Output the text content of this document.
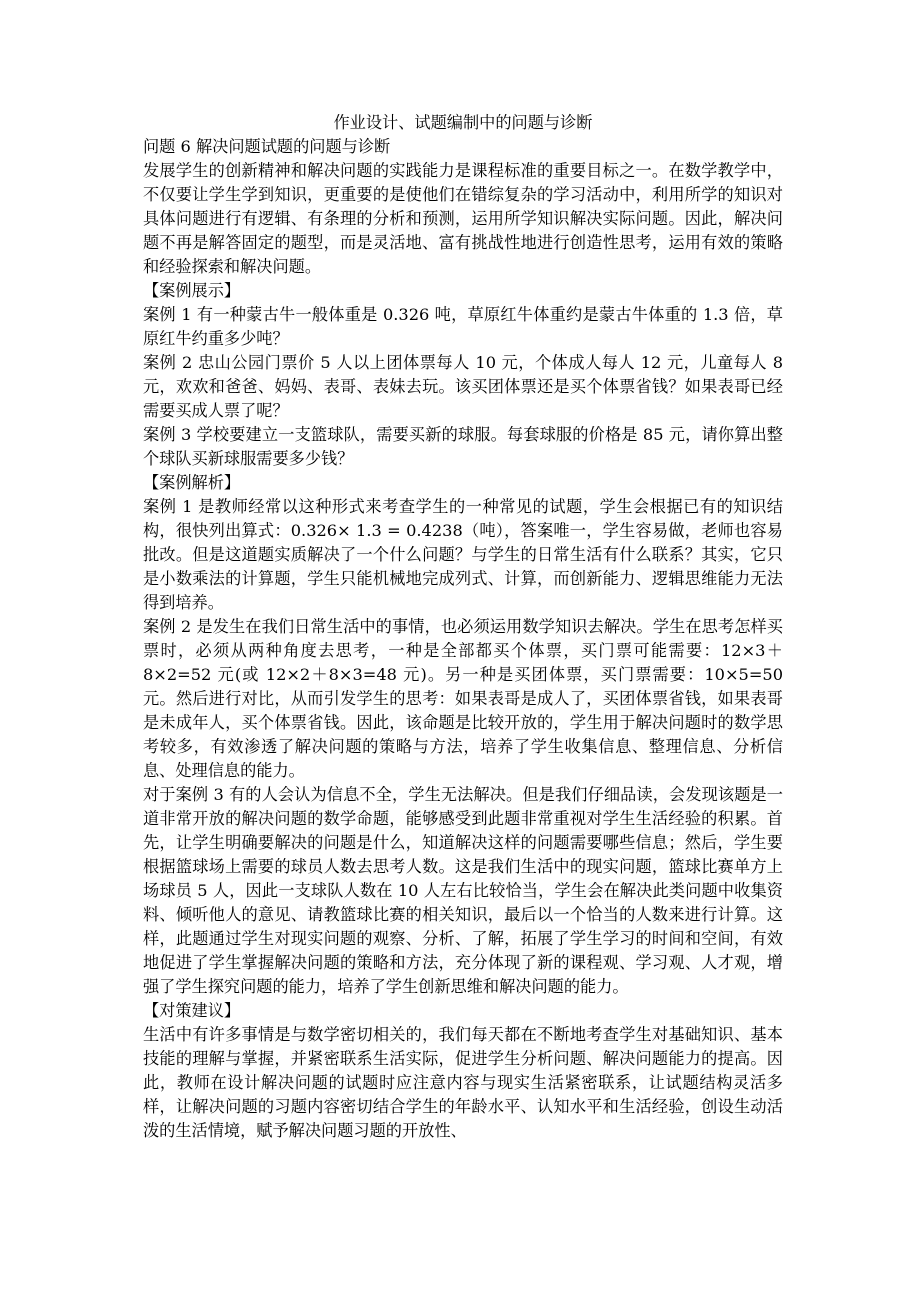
作业设计、试题编制中的问题与诊断

问题 6 解决问题试题的问题与诊断

发展学生的创新精神和解决问题的实践能力是课程标准的重要目标之一。在数学教学中，不仅要让学生学到知识，更重要的是使他们在错综复杂的学习活动中，利用所学的知识对具体问题进行有逻辑、有条理的分析和预测，运用所学知识解决实际问题。因此，解决问题不再是解答固定的题型，而是灵活地、富有挑战性地进行创造性思考，运用有效的策略和经验探索和解决问题。

【案例展示】

案例 1 有一种蒙古牛一般体重是 0.326 吨，草原红牛体重约是蒙古牛体重的 1.3 倍，草原红牛约重多少吨？

案例 2 忠山公园门票价 5 人以上团体票每人 10 元，个体成人每人 12 元，儿童每人 8 元，欢欢和爸爸、妈妈、表哥、表妹去玩。该买团体票还是买个体票省钱？如果表哥已经需要买成人票了呢？

案例 3 学校要建立一支篮球队，需要买新的球服。每套球服的价格是 85 元，请你算出整个球队买新球服需要多少钱？

【案例解析】

案例 1 是教师经常以这种形式来考查学生的一种常见的试题，学生会根据已有的知识结构，很快列出算式：0.326× 1.3 = 0.4238（吨），答案唯一，学生容易做，老师也容易批改。但是这道题实质解决了一个什么问题？与学生的日常生活有什么联系？其实，它只是小数乘法的计算题，学生只能机械地完成列式、计算，而创新能力、逻辑思维能力无法得到培养。

案例 2 是发生在我们日常生活中的事情，也必须运用数学知识去解决。学生在思考怎样买票时，必须从两种角度去思考，一种是全部都买个体票，买门票可能需要：12×3＋8×2=52 元(或 12×2＋8×3=48 元)。另一种是买团体票，买门票需要：10×5=50 元。然后进行对比，从而引发学生的思考：如果表哥是成人了，买团体票省钱，如果表哥是未成年人，买个体票省钱。因此，该命题是比较开放的，学生用于解决问题时的数学思考较多，有效渗透了解决问题的策略与方法，培养了学生收集信息、整理信息、分析信息、处理信息的能力。

对于案例 3 有的人会认为信息不全，学生无法解决。但是我们仔细品读，会发现该题是一道非常开放的解决问题的数学命题，能够感受到此题非常重视对学生生活经验的积累。首先，让学生明确要解决的问题是什么，知道解决这样的问题需要哪些信息；然后，学生要根据篮球场上需要的球员人数去思考人数。这是我们生活中的现实问题，篮球比赛单方上场球员 5 人，因此一支球队人数在 10 人左右比较恰当，学生会在解决此类问题中收集资料、倾听他人的意见、请教篮球比赛的相关知识，最后以一个恰当的人数来进行计算。这样，此题通过学生对现实问题的观察、分析、了解，拓展了学生学习的时间和空间，有效地促进了学生掌握解决问题的策略和方法，充分体现了新的课程观、学习观、人才观，增强了学生探究问题的能力，培养了学生创新思维和解决问题的能力。

【对策建议】

生活中有许多事情是与数学密切相关的，我们每天都在不断地考查学生对基础知识、基本技能的理解与掌握，并紧密联系生活实际，促进学生分析问题、解决问题能力的提高。因此，教师在设计解决问题的试题时应注意内容与现实生活紧密联系，让试题结构灵活多样，让解决问题的习题内容密切结合学生的年龄水平、认知水平和生活经验，创设生动活泼的生活情境，赋予解决问题习题的开放性、
